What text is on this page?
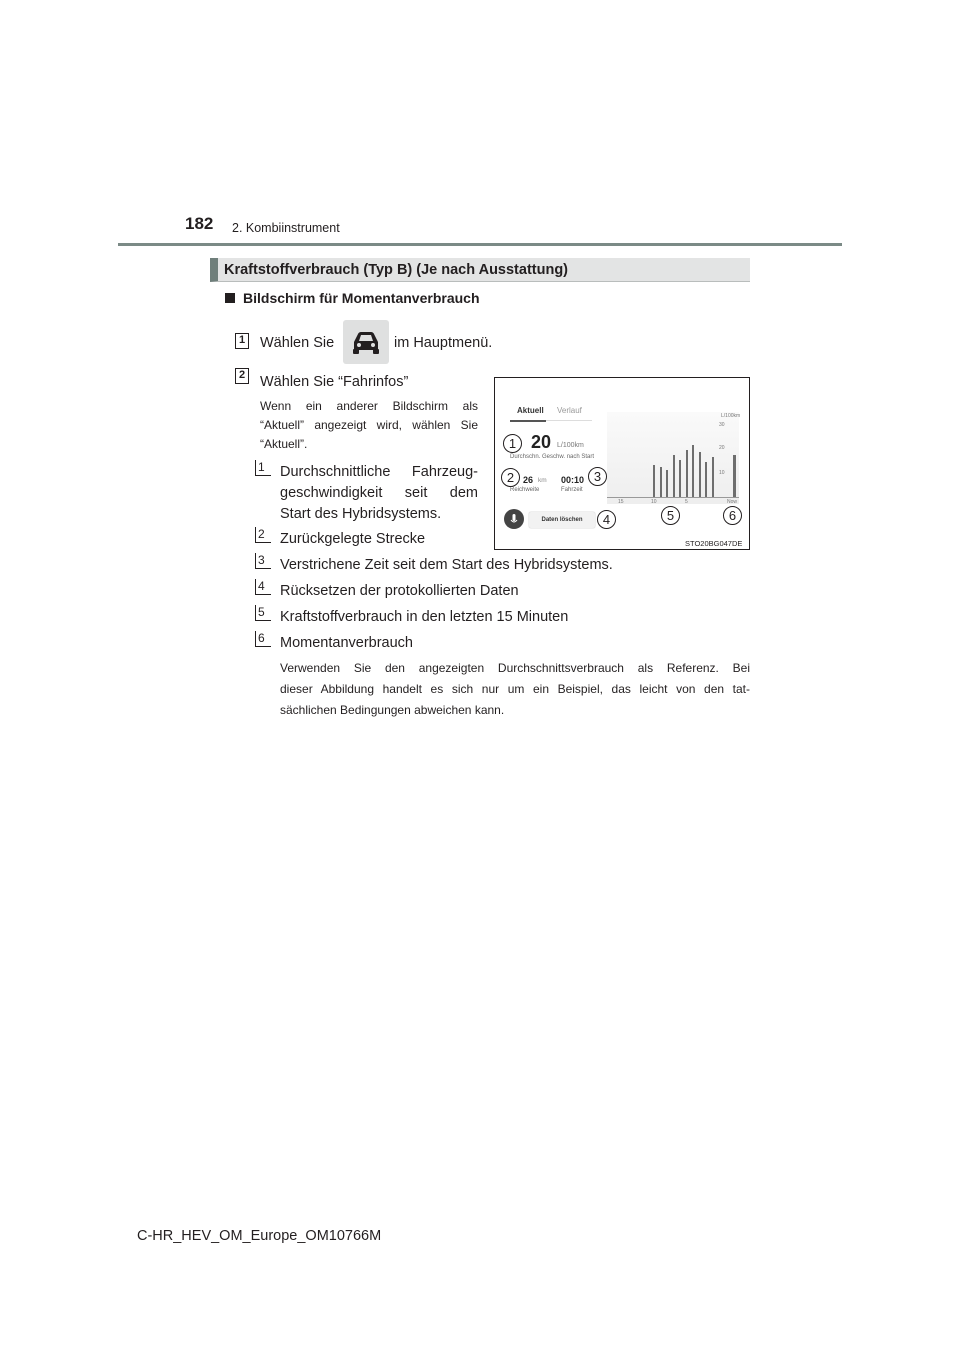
182 2. Kombiinstrument
Kraftstoffverbrauch (Typ B) (Je nach Ausstattung)
Bildschirm für Momentanverbrauch
1 Wählen Sie	im Hauptmenü.
2 Wählen Sie “Fahrinfos”
Wenn ein anderer Bildschirm als
“Aktuell” angezeigt wird, wählen Sie
“Aktuell”.
1	Durchschnittliche Fahrzeug-
geschwindigkeit seit dem
Start des Hybridsystems.
2	Zurückgelegte Strecke
3	Verstrichene Zeit seit dem Start des Hybridsystems.
4	Rücksetzen der protokollierten Daten
5	Kraftstoffverbrauch in den letzten 15 Minuten
6	Momentanverbrauch
Verwenden Sie den angezeigten Durchschnittsverbrauch als Referenz. Bei
dieser Abbildung handelt es sich nur um ein Beispiel, das leicht von den tat-
sächlichen Bedingungen abweichen kann.
Aktuell Verlauf
20 L/100km
Durchschn. Geschw. nach Start
26 km
Reichweite
00:10
Fahrzeit
Daten löschen
L/100km
30
20
10
15	10	5	Now
1
2	3
4	5	6
STO20BG047DE
C-HR_HEV_OM_Europe_OM10766M
